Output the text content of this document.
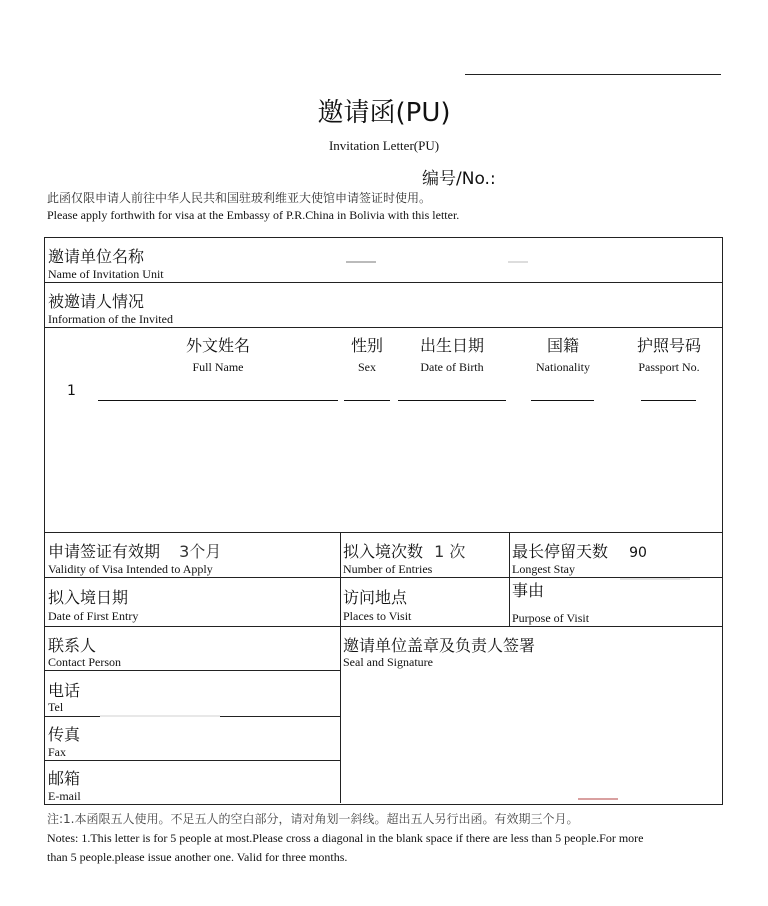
邀请函(PU)
Invitation Letter(PU)
编号/No.:
此函仅限申请人前往中华人民共和国驻玻利维亚大使馆申请签证时使用。
Please apply forthwith for visa at the Embassy of P.R.China in Bolivia with this letter.
邀请单位名称
Name of Invitation Unit
被邀请人情况
Information of the Invited
外文姓名
Full Name
性别
Sex
出生日期
Date of Birth
国籍
Nationality
护照号码
Passport No.
1
申请签证有效期 3个月
Validity of Visa Intended to Apply
拟入境次数 1 次
Number of Entries
最长停留天数 90
Longest Stay
拟入境日期
Date of First Entry
访问地点
Places to Visit
事由
Purpose of Visit
联系人
Contact Person
电话
Tel
传真
Fax
邮箱
E-mail
邀请单位盖章及负责人签署
Seal and Signature
注:1.本函限五人使用。不足五人的空白部分，请对角划一斜线。超出五人另行出函。有效期三个月。
Notes: 1.This letter is for 5 people at most.Please cross a diagonal in the blank space if there are less than 5 people.For more
than 5 people.please issue another one. Valid for three months.
